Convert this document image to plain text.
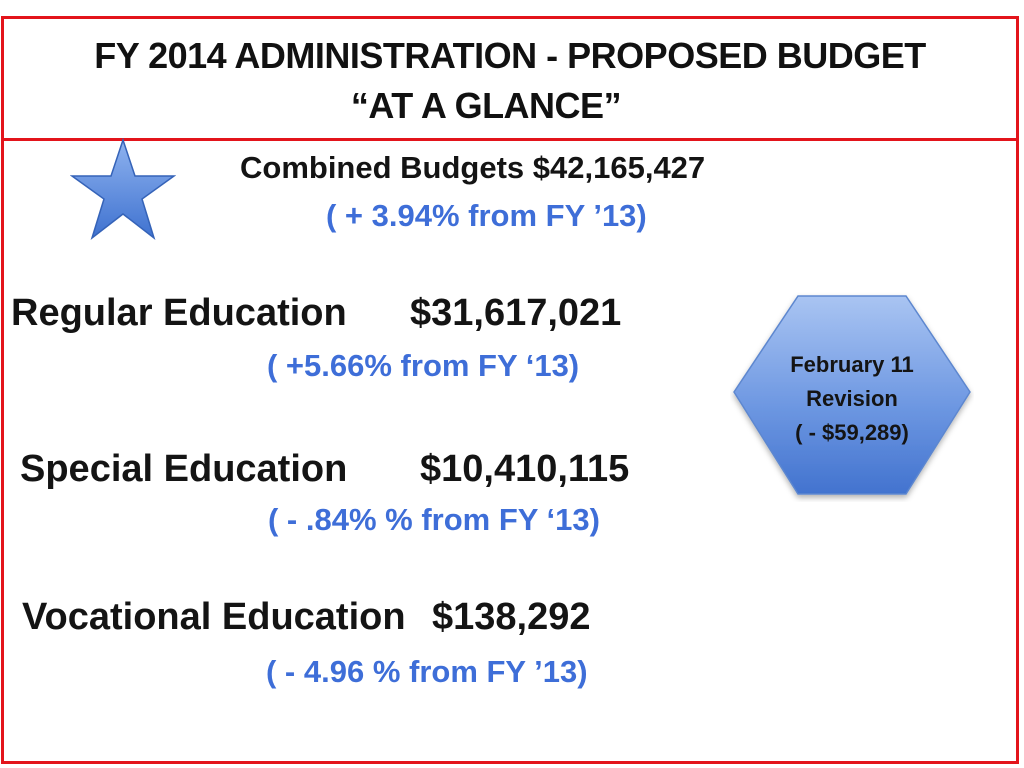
FY 2014 ADMINISTRATION - PROPOSED BUDGET
“AT A GLANCE”
Combined Budgets $42,165,427
( + 3.94% from FY ’13)
Regular Education $31,617,021
( +5.66% from FY ‘13)
Special Education $10,410,115
( - .84% % from FY ‘13)
Vocational Education $138,292
( - 4.96 % from FY ’13)
February 11
Revision
( - $59,289)
